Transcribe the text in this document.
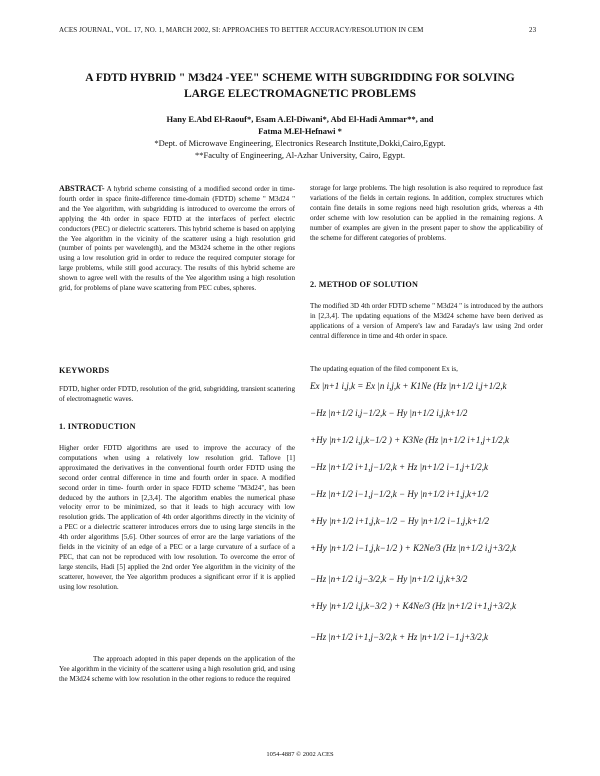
ACES JOURNAL, VOL. 17, NO. 1, MARCH 2002, SI: APPROACHES TO BETTER ACCURACY/RESOLUTION IN CEM	23
A FDTD HYBRID " M3d24 -YEE" SCHEME WITH SUBGRIDDING FOR SOLVING
LARGE ELECTROMAGNETIC PROBLEMS
Hany E.Abd El-Raouf*, Esam A.El-Diwani*, Abd El-Hadi Ammar**, and
Fatma M.El-Hefnawi *
*Dept. of Microwave Engineering, Electronics Research Institute,Dokki,Cairo,Egypt.
**Faculty of Engineering, Al-Azhar University, Cairo, Egypt.
ABSTRACT- A hybrid scheme consisting of a modified second order in time- fourth order in space finite-difference time-domain (FDTD) scheme " M3d24 " and the Yee algorithm, with subgridding is introduced to overcome the errors of applying the 4th order in space FDTD at the interfaces of perfect electric conductors (PEC) or dielectric scatterers. This hybrid scheme is based on applying the Yee algorithm in the vicinity of the scatterer using a high resolution grid (number of points per wavelength), and the M3d24 scheme in the other regions using a low resolution grid in order to reduce the required computer storage for large problems, while still good accuracy. The results of this hybrid scheme are shown to agree well with the results of the Yee algorithm using a high resolution grid, for problems of plane wave scattering from PEC cubes, spheres.
KEYWORDS
FDTD, higher order FDTD, resolution of the grid, subgridding, transient scattering of electromagnetic waves.
1. INTRODUCTION
Higher order FDTD algorithms are used to improve the accuracy of the computations when using a relatively low resolution grid. Taflove [1] approximated the derivatives in the conventional fourth order FDTD using the second order central difference in time and fourth order in space. A modified second order in time- fourth order in space FDTD scheme "M3d24", has been deduced by the authors in [2,3,4]. The algorithm enables the numerical phase velocity error to be minimized, so that it leads to high accuracy with low resolution grids. The application of 4th order algorithms directly in the vicinity of a PEC or a dielectric scatterer introduces errors due to using large stencils in the 4th order algorithms [5,6]. Other sources of error are the large variations of the fields in the vicinity of an edge of a PEC or a large curvature of a surface of a PEC, that can not be reproduced with low resolution. To overcome the error of large stencils, Hadi [5] applied the 2nd order Yee algorithm in the vicinity of the scatterer, however, the Yee algorithm produces a significant error if it is applied using low resolution.
The approach adopted in this paper depends on the application of the Yee algorithm in the vicinity of the scatterer using a high resolution grid, and using the M3d24 scheme with low resolution in the other regions to reduce the required
storage for large problems. The high resolution is also required to reproduce fast variations of the fields in certain regions. In addition, complex structures which contain fine details in some regions need high resolution grids, whereas a 4th order scheme with low resolution can be applied in the remaining regions. A number of examples are given in the present paper to show the applicability of the scheme for different categories of problems.
2. METHOD OF SOLUTION
The modified 3D 4th order FDTD scheme " M3d24 " is introduced by the authors in [2,3,4]. The updating equations of the M3d24 scheme have been derived as applications of a version of Ampere's law and Faraday's law using 2nd order central difference in time and 4th order in space.
The updating equation of the filed component Ex is,
Ex |n+1 i,j,k = Ex |n i,j,k + K1Ne (Hz |n+1/2 i,j+1/2,k
−Hz |n+1/2 i,j−1/2,k − Hy |n+1/2 i,j,k+1/2
+Hy |n+1/2 i,j,k−1/2 ) + K3Ne (Hz |n+1/2 i+1,j+1/2,k
−Hz |n+1/2 i+1,j−1/2,k + Hz |n+1/2 i−1,j+1/2,k
−Hz |n+1/2 i−1,j−1/2,k − Hy |n+1/2 i+1,j,k+1/2
+Hy |n+1/2 i+1,j,k−1/2 − Hy |n+1/2 i−1,j,k+1/2
+Hy |n+1/2 i−1,j,k−1/2 ) + K2Ne/3 (Hz |n+1/2 i,j+3/2,k
−Hz |n+1/2 i,j−3/2,k − Hy |n+1/2 i,j,k+3/2
+Hy |n+1/2 i,j,k−3/2 ) + K4Ne/3 (Hz |n+1/2 i+1,j+3/2,k
−Hz |n+1/2 i+1,j−3/2,k + Hz |n+1/2 i−1,j+3/2,k
1054-4887 © 2002 ACES
